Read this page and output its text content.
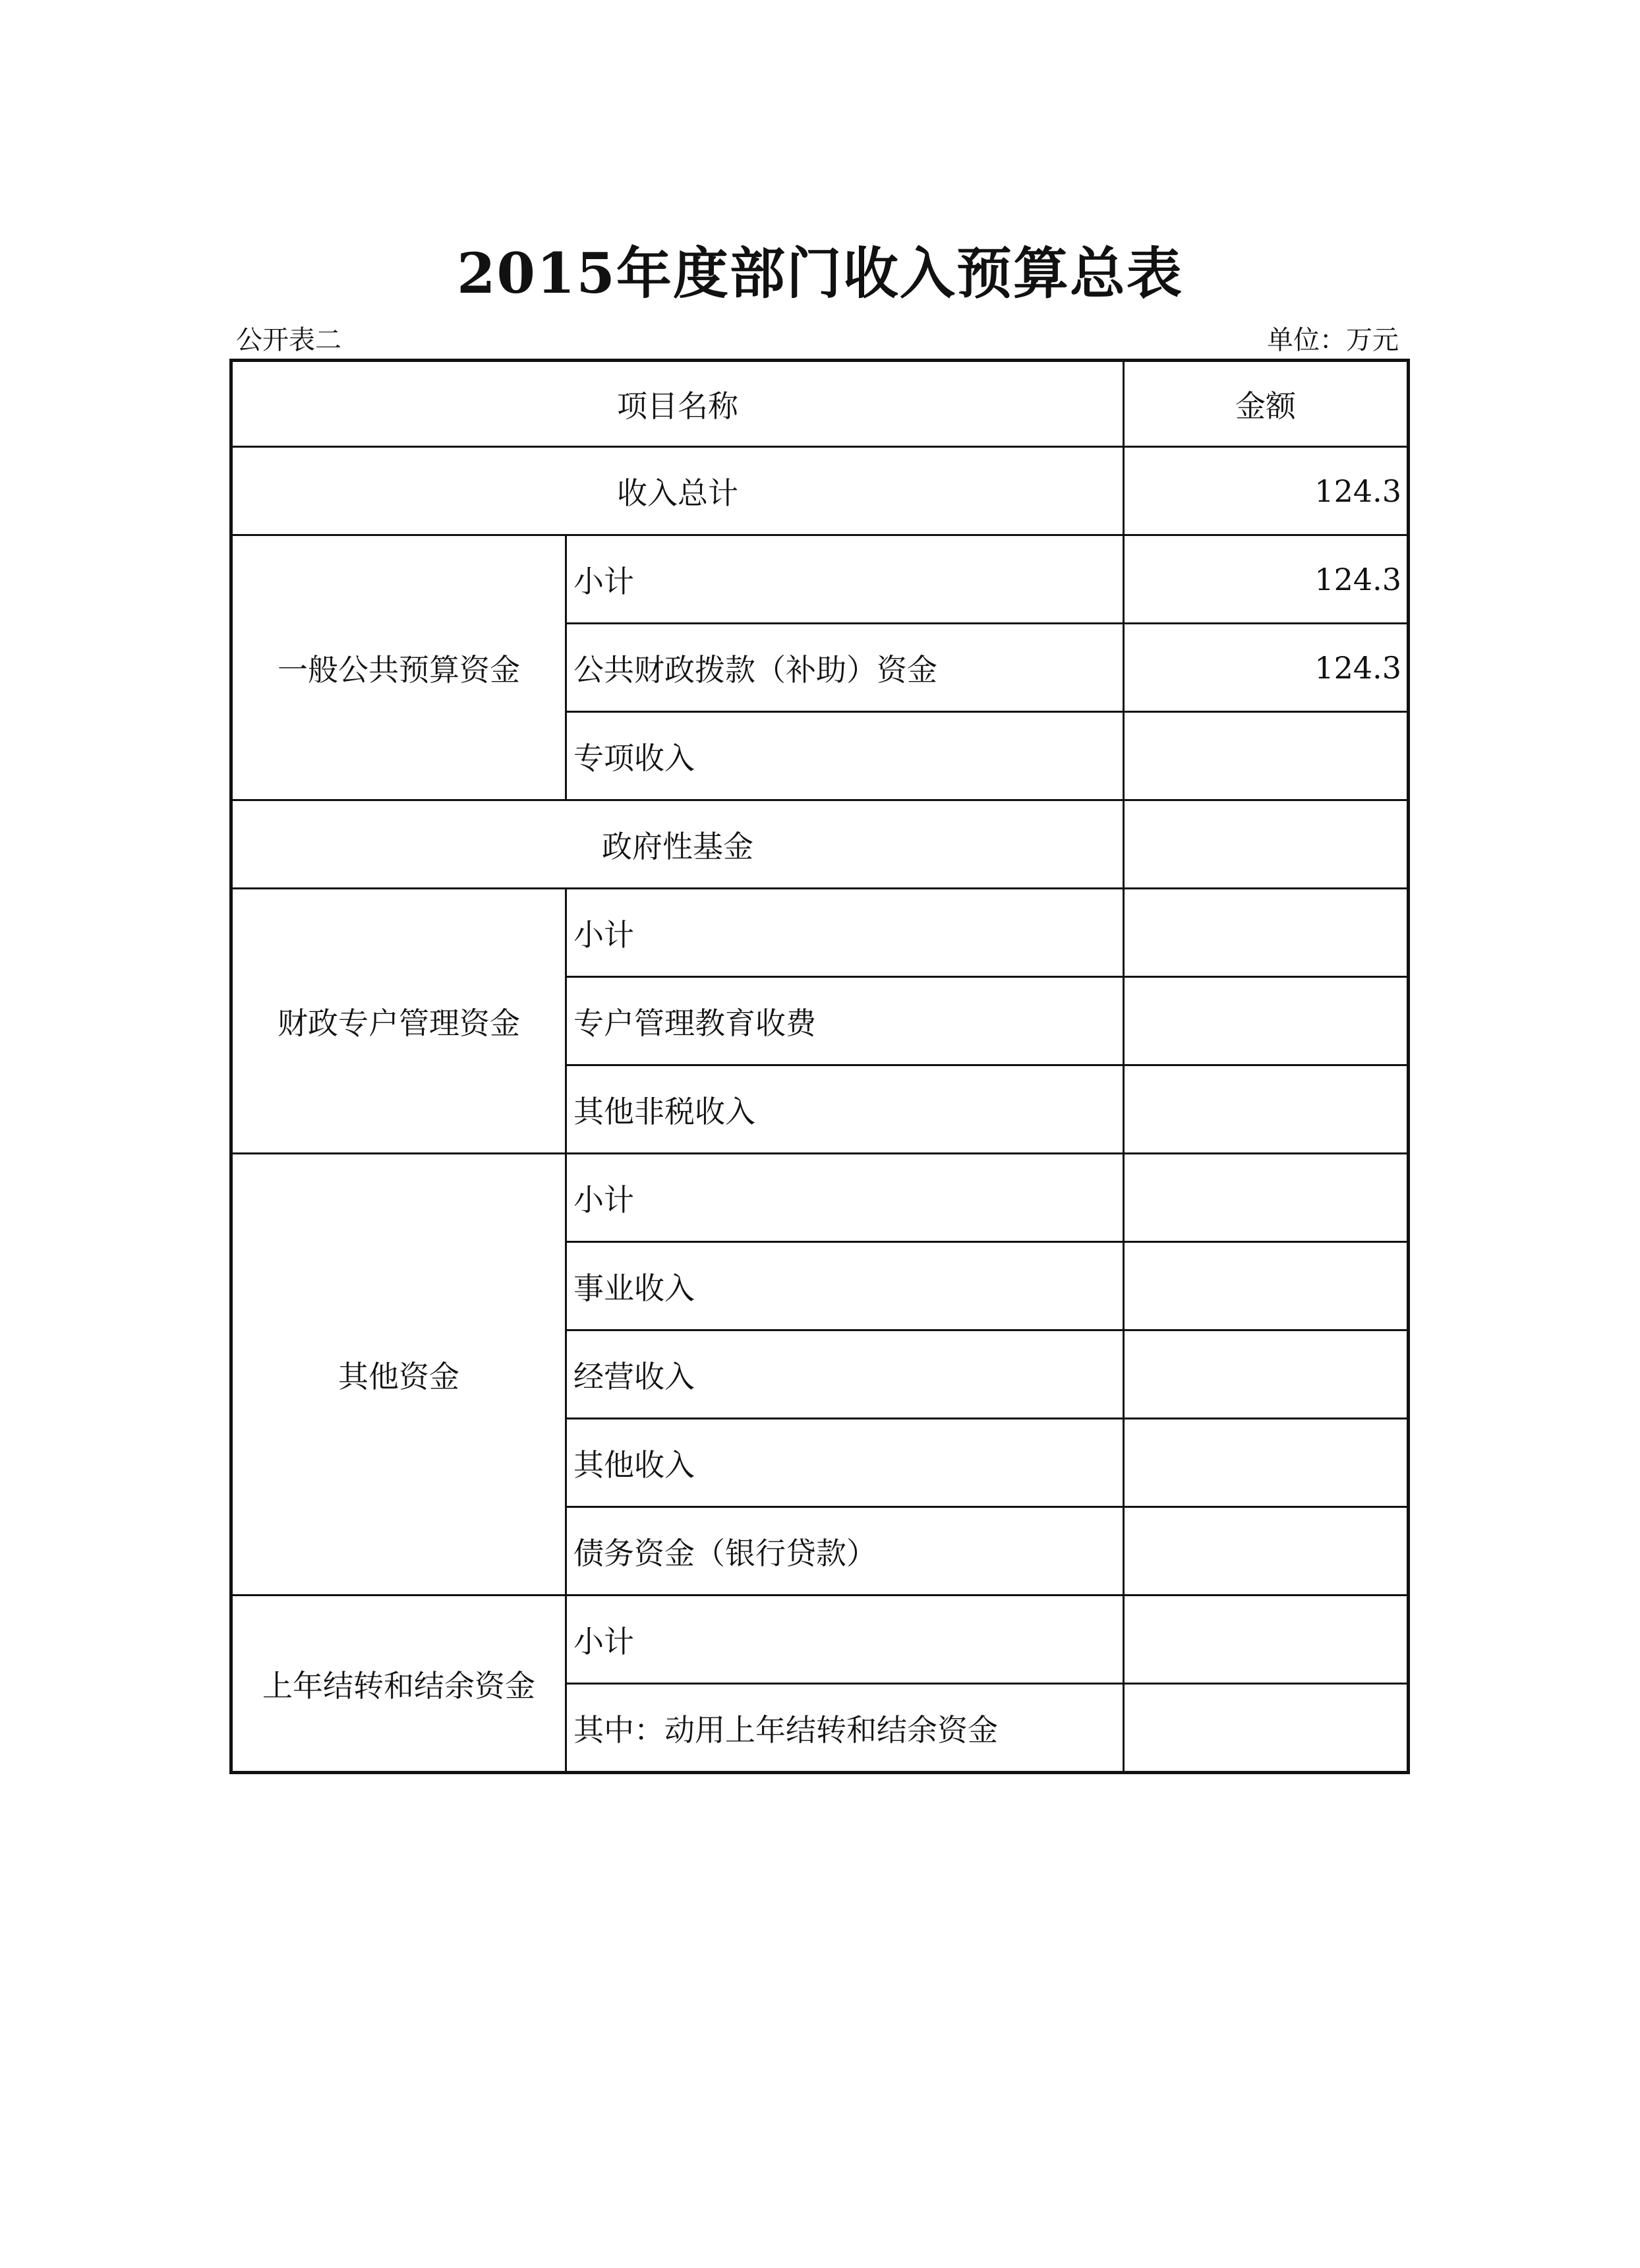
2015年度部门收入预算总表
公开表二	单位：万元
项目名称		金额
收入总计		124.3
一般公共预算资金	小计	124.3
	公共财政拨款（补助）资金	124.3
	专项收入	
政府性基金		
财政专户管理资金	小计	
	专户管理教育收费	
	其他非税收入	
其他资金	小计	
	事业收入	
	经营收入	
	其他收入	
	债务资金（银行贷款）	
上年结转和结余资金	小计	
	其中：动用上年结转和结余资金	
